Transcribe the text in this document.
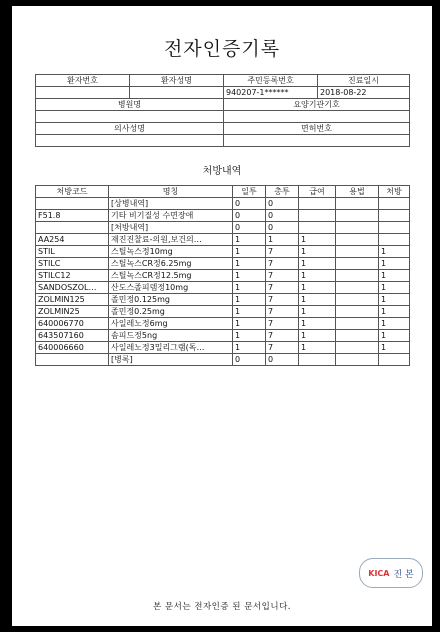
전자인증기록
환자번호	환자성명	주민등록번호	진료일시
		940207-1******	2018-08-22
병원명		요양기관기호	

의사성명		면허번호	

처방내역
처방코드	명칭	일투	총투	급여	용법	처방
	[상병내역]	0	0			
F51.8	기타 비기질성 수면장애	0	0			
	[처방내역]	0	0			
AA254	재진진찰료-의원,보건의…	1	1	1		
STIL	스틸녹스정10mg	1	7	1		1
STILC	스틸녹스CR정6.25mg	1	7	1		1
STILC12	스틸녹스CR정12.5mg	1	7	1		1
SANDOSZOL…	산도스졸피뎀정10mg	1	7	1		1
ZOLMIN125	졸민정0.125mg	1	7	1		1
ZOLMIN25	졸민정0.25mg	1	7	1		1
640006770	사일레노정6mg	1	7	1		1
643507160	솜피드정5ng	1	7	1		1
640006660	사일레노정3밀리그램(독…	1	7	1		1
	[병록]	0	0			
KICA 진 본
본 문서는 전자인증 된 문서입니다.
